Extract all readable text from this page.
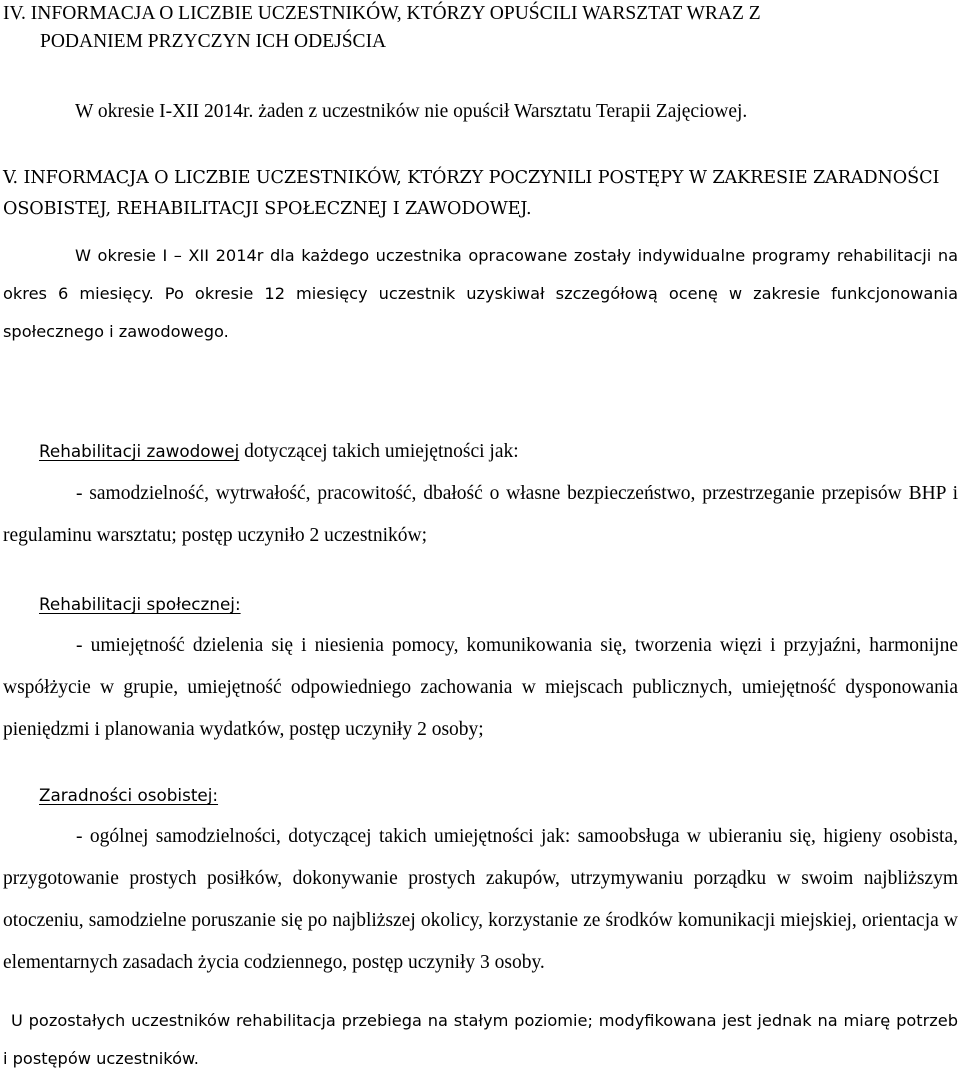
IV. INFORMACJA O LICZBIE UCZESTNIKÓW, KTÓRZY OPUŚCILI WARSZTAT WRAZ Z
PODANIEM PRZYCZYN ICH ODEJŚCIA

W okresie I-XII 2014r. żaden z uczestników nie opuścił Warsztatu Terapii Zajęciowej.

V. INFORMACJA O LICZBIE UCZESTNIKÓW, KTÓRZY POCZYNILI POSTĘPY W ZAKRESIE ZARADNOŚCI OSOBISTEJ, REHABILITACJI SPOŁECZNEJ I ZAWODOWEJ.

W okresie I – XII 2014r dla każdego uczestnika opracowane zostały indywidualne programy rehabilitacji na okres 6 miesięcy. Po okresie 12 miesięcy uczestnik uzyskiwał szczegółową ocenę w zakresie funkcjonowania społecznego i zawodowego.

Rehabilitacji zawodowej dotyczącej takich umiejętności jak:
- samodzielność, wytrwałość, pracowitość, dbałość o własne bezpieczeństwo, przestrzeganie przepisów BHP i regulaminu warsztatu; postęp uczyniło 2 uczestników;
Rehabilitacji społecznej:
- umiejętność dzielenia się i niesienia pomocy, komunikowania się, tworzenia więzi i przyjaźni, harmonijne współżycie w grupie, umiejętność odpowiedniego zachowania w miejscach publicznych, umiejętność dysponowania pieniędzmi i planowania wydatków, postęp uczyniły 2 osoby;
Zaradności osobistej:
- ogólnej samodzielności, dotyczącej takich umiejętności jak: samoobsługa w ubieraniu się, higieny osobista, przygotowanie prostych posiłków, dokonywanie prostych zakupów, utrzymywaniu porządku w swoim najbliższym otoczeniu, samodzielne poruszanie się po najbliższej okolicy, korzystanie ze środków komunikacji miejskiej, orientacja w elementarnych zasadach życia codziennego, postęp uczyniły 3 osoby.

U pozostałych uczestników rehabilitacja przebiega na stałym poziomie; modyfikowana jest jednak na miarę potrzeb i postępów uczestników.
